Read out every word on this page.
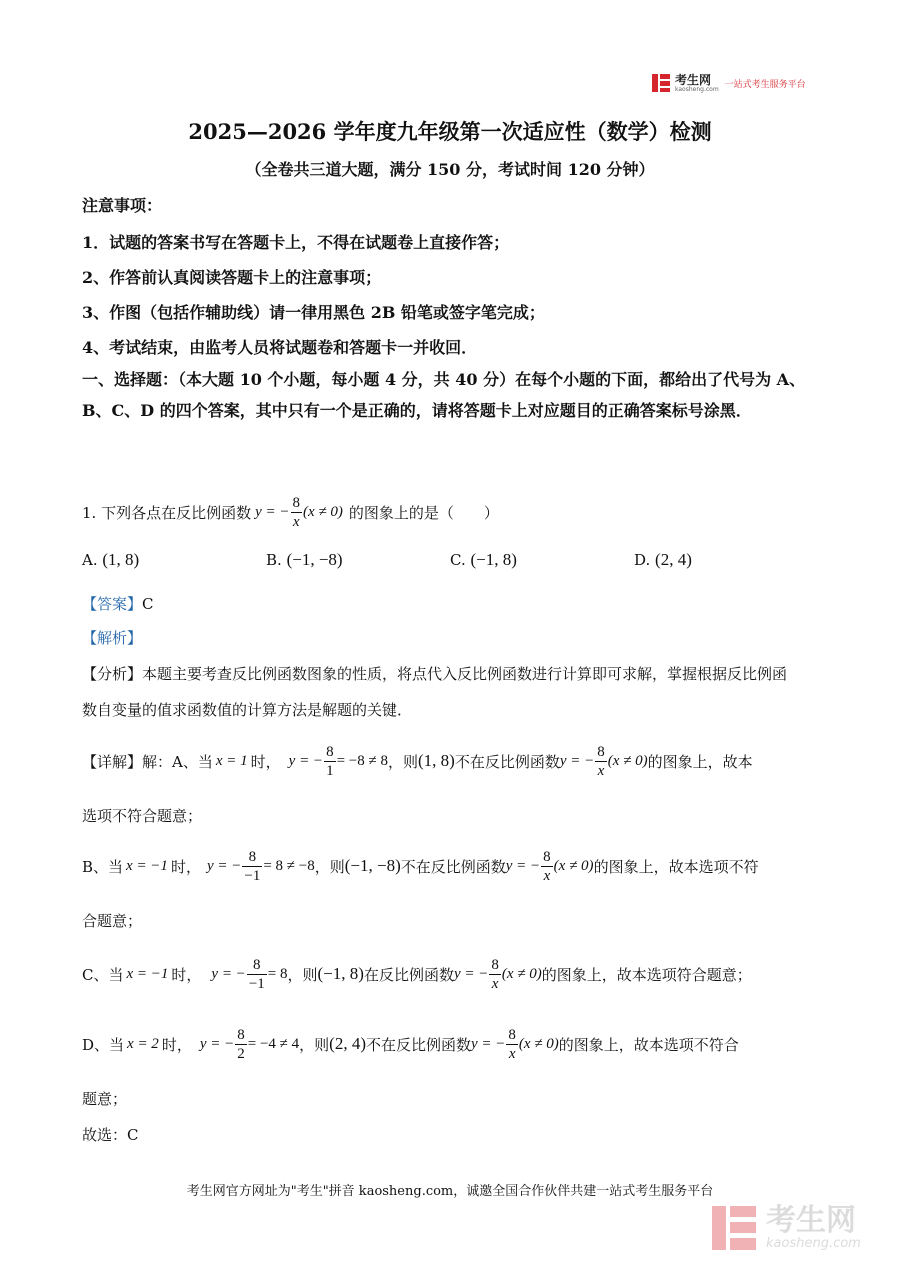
考生网
kaosheng.com 一站式考生服务平台
2025—2026 学年度九年级第一次适应性（数学）检测
（全卷共三道大题，满分 150 分，考试时间 120 分钟）
注意事项：
1．试题的答案书写在答题卡上，不得在试题卷上直接作答；
2、作答前认真阅读答题卡上的注意事项；
3、作图（包括作辅助线）请一律用黑色 2B 铅笔或签字笔完成；
4、考试结束，由监考人员将试题卷和答题卡一并收回．
一、选择题：（本大题 10 个小题，每小题 4 分，共 40 分）在每个小题的下面，都给出了代号为 A、B、C、D 的四个答案，其中只有一个是正确的，请将答题卡上对应题目的正确答案标号涂黑．
1. 下列各点在反比例函数 y = − $\frac{8}{x} (x \ne 0)$ 的图象上的是（　　）
A. (1, 8)	B. (−1, −8)	C. (−1, 8)	D. (2, 4)
【答案】C
【解析】
【分析】本题主要考查反比例函数图象的性质，将点代入反比例函数进行计算即可求解，掌握根据反比例函
数自变量的值求函数值的计算方法是解题的关键．
【详解】 解：A、当 x = 1 时， y = − $\frac{8}{1} = -8 \ne 8$ ，则 (1, 8) 不在反比例函数 y = − $\frac{8}{x} (x \ne 0)$ 的图象上，故本
选项不符合题意；
B、当 x = −1 时， y = − $\frac{8}{-1} = 8 \ne -8$ ，则 (−1, −8) 不在反比例函数 y = − $\frac{8}{x} (x \ne 0)$ 的图象上，故本选项不符
合题意；
C、当 x = −1 时， y = − $\frac{8}{-1} = 8$ ，则 (−1, 8) 在反比例函数 y = − $\frac{8}{x} (x \ne 0)$ 的图象上，故本选项符合题意；
D、当 x = 2 时， y = − $\frac{8}{2} = -4 \ne 4$ ，则 (2, 4) 不在反比例函数 y = − $\frac{8}{x} (x \ne 0)$ 的图象上，故本选项不符合
题意；
故选：C
考生网官方网址为"考生"拼音 kaosheng.com，诚邀全国合作伙伴共建一站式考生服务平台
考生网
kaosheng.com
